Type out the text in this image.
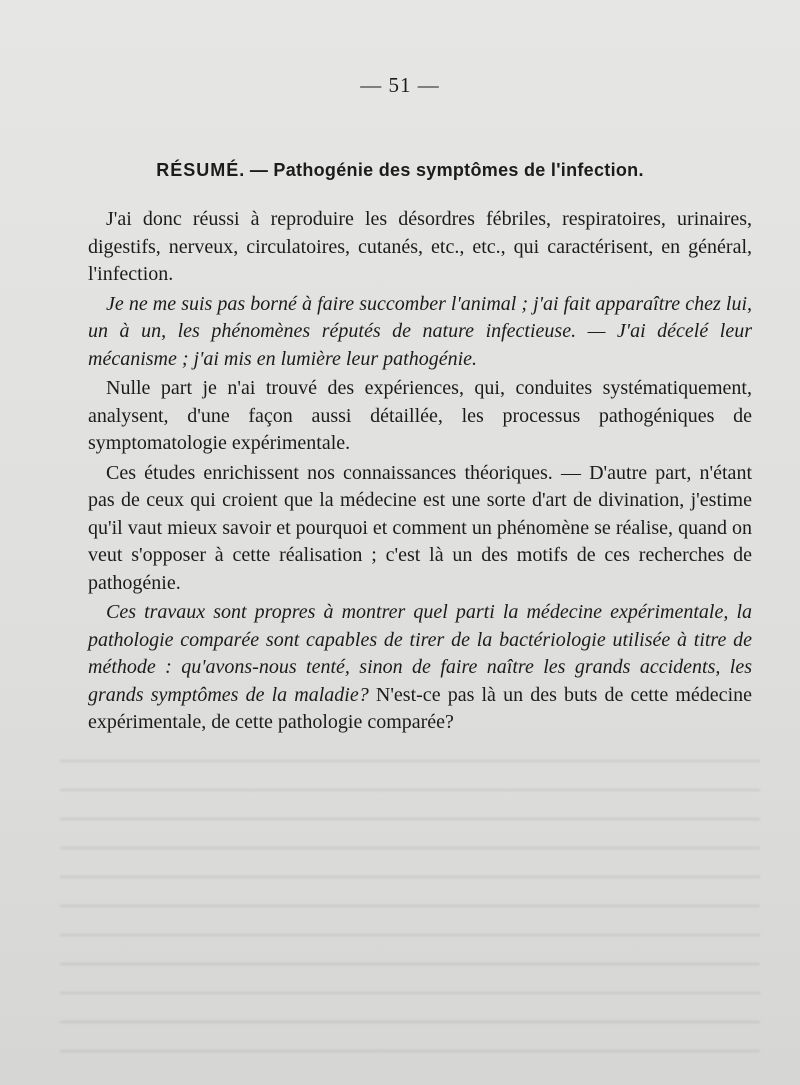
— 51 —
RÉSUMÉ. — Pathogénie des symptômes de l'infection.

J'ai donc réussi à reproduire les désordres fébriles, respiratoires, urinaires, digestifs, nerveux, circulatoires, cutanés, etc., etc., qui caractérisent, en général, l'infection.

Je ne me suis pas borné à faire succomber l'animal ; j'ai fait apparaître chez lui, un à un, les phénomènes réputés de nature infectieuse. — J'ai décelé leur mécanisme ; j'ai mis en lumière leur pathogénie.

Nulle part je n'ai trouvé des expériences, qui, conduites systématiquement, analysent, d'une façon aussi détaillée, les processus pathogéniques de symptomatologie expérimentale.

Ces études enrichissent nos connaissances théoriques. — D'autre part, n'étant pas de ceux qui croient que la médecine est une sorte d'art de divination, j'estime qu'il vaut mieux savoir et pourquoi et comment un phénomène se réalise, quand on veut s'opposer à cette réalisation ; c'est là un des motifs de ces recherches de pathogénie.

Ces travaux sont propres à montrer quel parti la médecine expérimentale, la pathologie comparée sont capables de tirer de la bactériologie utilisée à titre de méthode : qu'avons-nous tenté, sinon de faire naître les grands accidents, les grands symptômes de la maladie? N'est-ce pas là un des buts de cette médecine expérimentale, de cette pathologie comparée?
